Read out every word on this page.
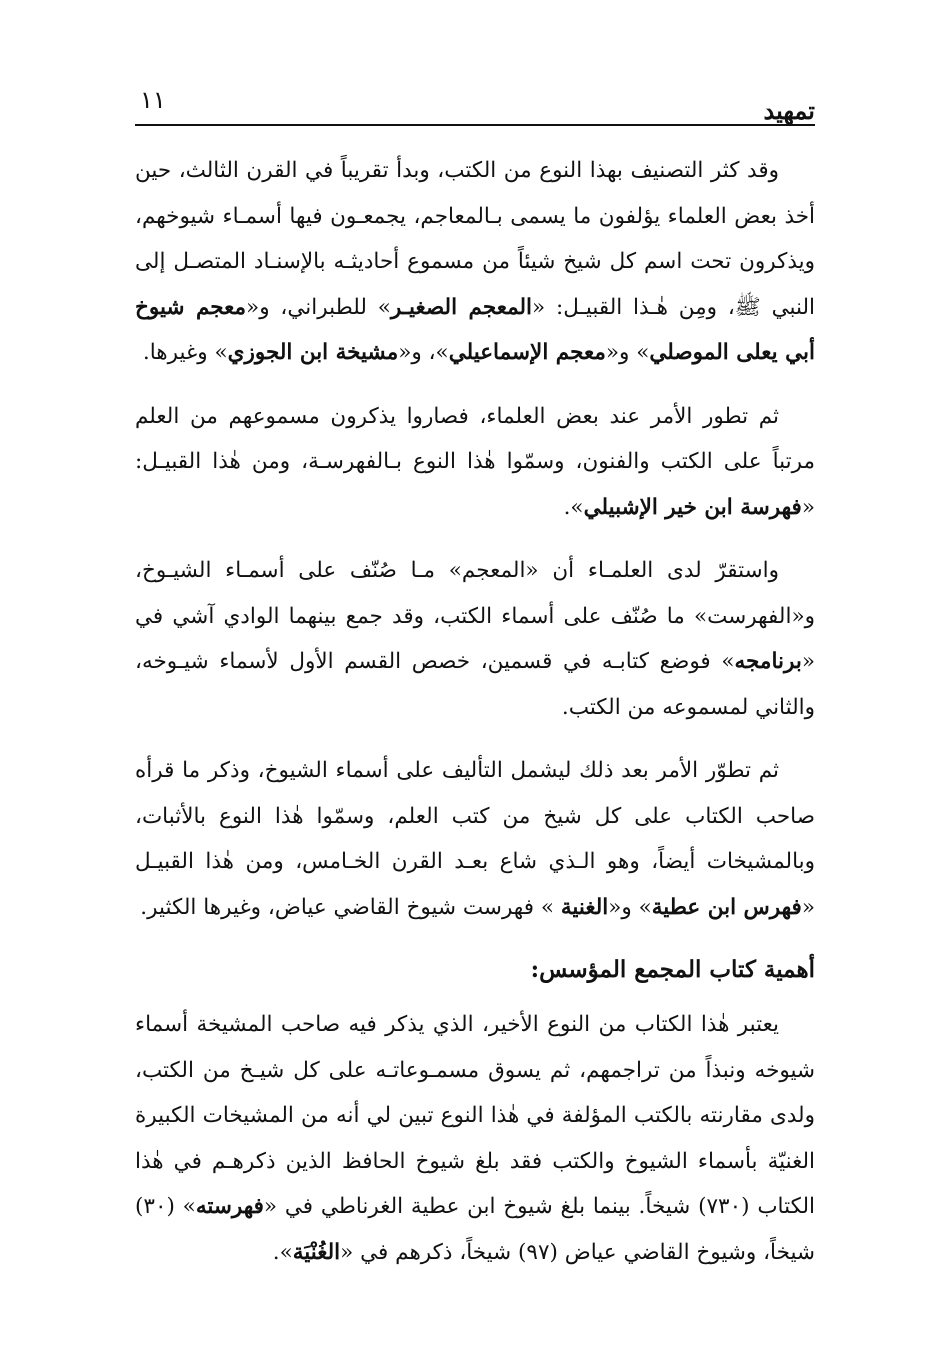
تمهيد
١١

وقد كثر التصنيف بهذا النوع من الكتب، وبدأ تقريباً في القرن الثالث، حين أخذ بعض العلماء يؤلفون ما يسمى بـالمعاجم، يجمعـون فيها أسمـاء شيوخهم، ويذكرون تحت اسم كل شيخ شيئاً من مسموع أحاديثـه بالإسنـاد المتصـل إلى النبي ﷺ، ومِن هٰـذا القبيـل: «المعجم الصغيـر» للطبراني، و«معجم شيوخ أبي يعلى الموصلي» و«معجم الإسماعيلي»، و«مشيخة ابن الجوزي» وغيرها.

ثم تطور الأمر عند بعض العلماء، فصاروا يذكرون مسموعهم من العلم مرتباً على الكتب والفنون، وسمّوا هٰذا النوع بـالفهرسـة، ومن هٰذا القبيـل: «فهرسة ابن خير الإشبيلي».

واستقرّ لدى العلمـاء أن «المعجم» مـا صُنّف على أسمـاء الشيـوخ، و«الفهرست» ما صُنّف على أسماء الكتب، وقد جمع بينهما الوادي آشي في «برنامجه» فوضع كتابـه في قسمين، خصص القسم الأول لأسماء شيـوخه، والثاني لمسموعه من الكتب.

ثم تطوّر الأمر بعد ذلك ليشمل التأليف على أسماء الشيوخ، وذكر ما قرأه صاحب الكتاب على كل شيخ من كتب العلم، وسمّوا هٰذا النوع بالأثبات، وبالمشيخات أيضاً، وهو الـذي شاع بعـد القرن الخـامس، ومن هٰذا القبيـل «فهرس ابن عطية» و«الغنية » فهرست شيوخ القاضي عياض، وغيرها الكثير.

أهمية كتاب المجمع المؤسس:

يعتبر هٰذا الكتاب من النوع الأخير، الذي يذكر فيه صاحب المشيخة أسماء شيوخه ونبذاً من تراجمهم، ثم يسوق مسمـوعاتـه على كل شيـخ من الكتب، ولدى مقارنته بالكتب المؤلفة في هٰذا النوع تبين لي أنه من المشيخات الكبيرة الغنيّة بأسماء الشيوخ والكتب فقد بلغ شيوخ الحافظ الذين ذكرهـم في هٰذا الكتاب (٧٣٠) شيخاً. بينما بلغ شيوخ ابن عطية الغرناطي في «فهرسته» (٣٠) شيخاً، وشيوخ القاضي عياض (٩٧) شيخاً، ذكرهم في «الغُنْيَة».
